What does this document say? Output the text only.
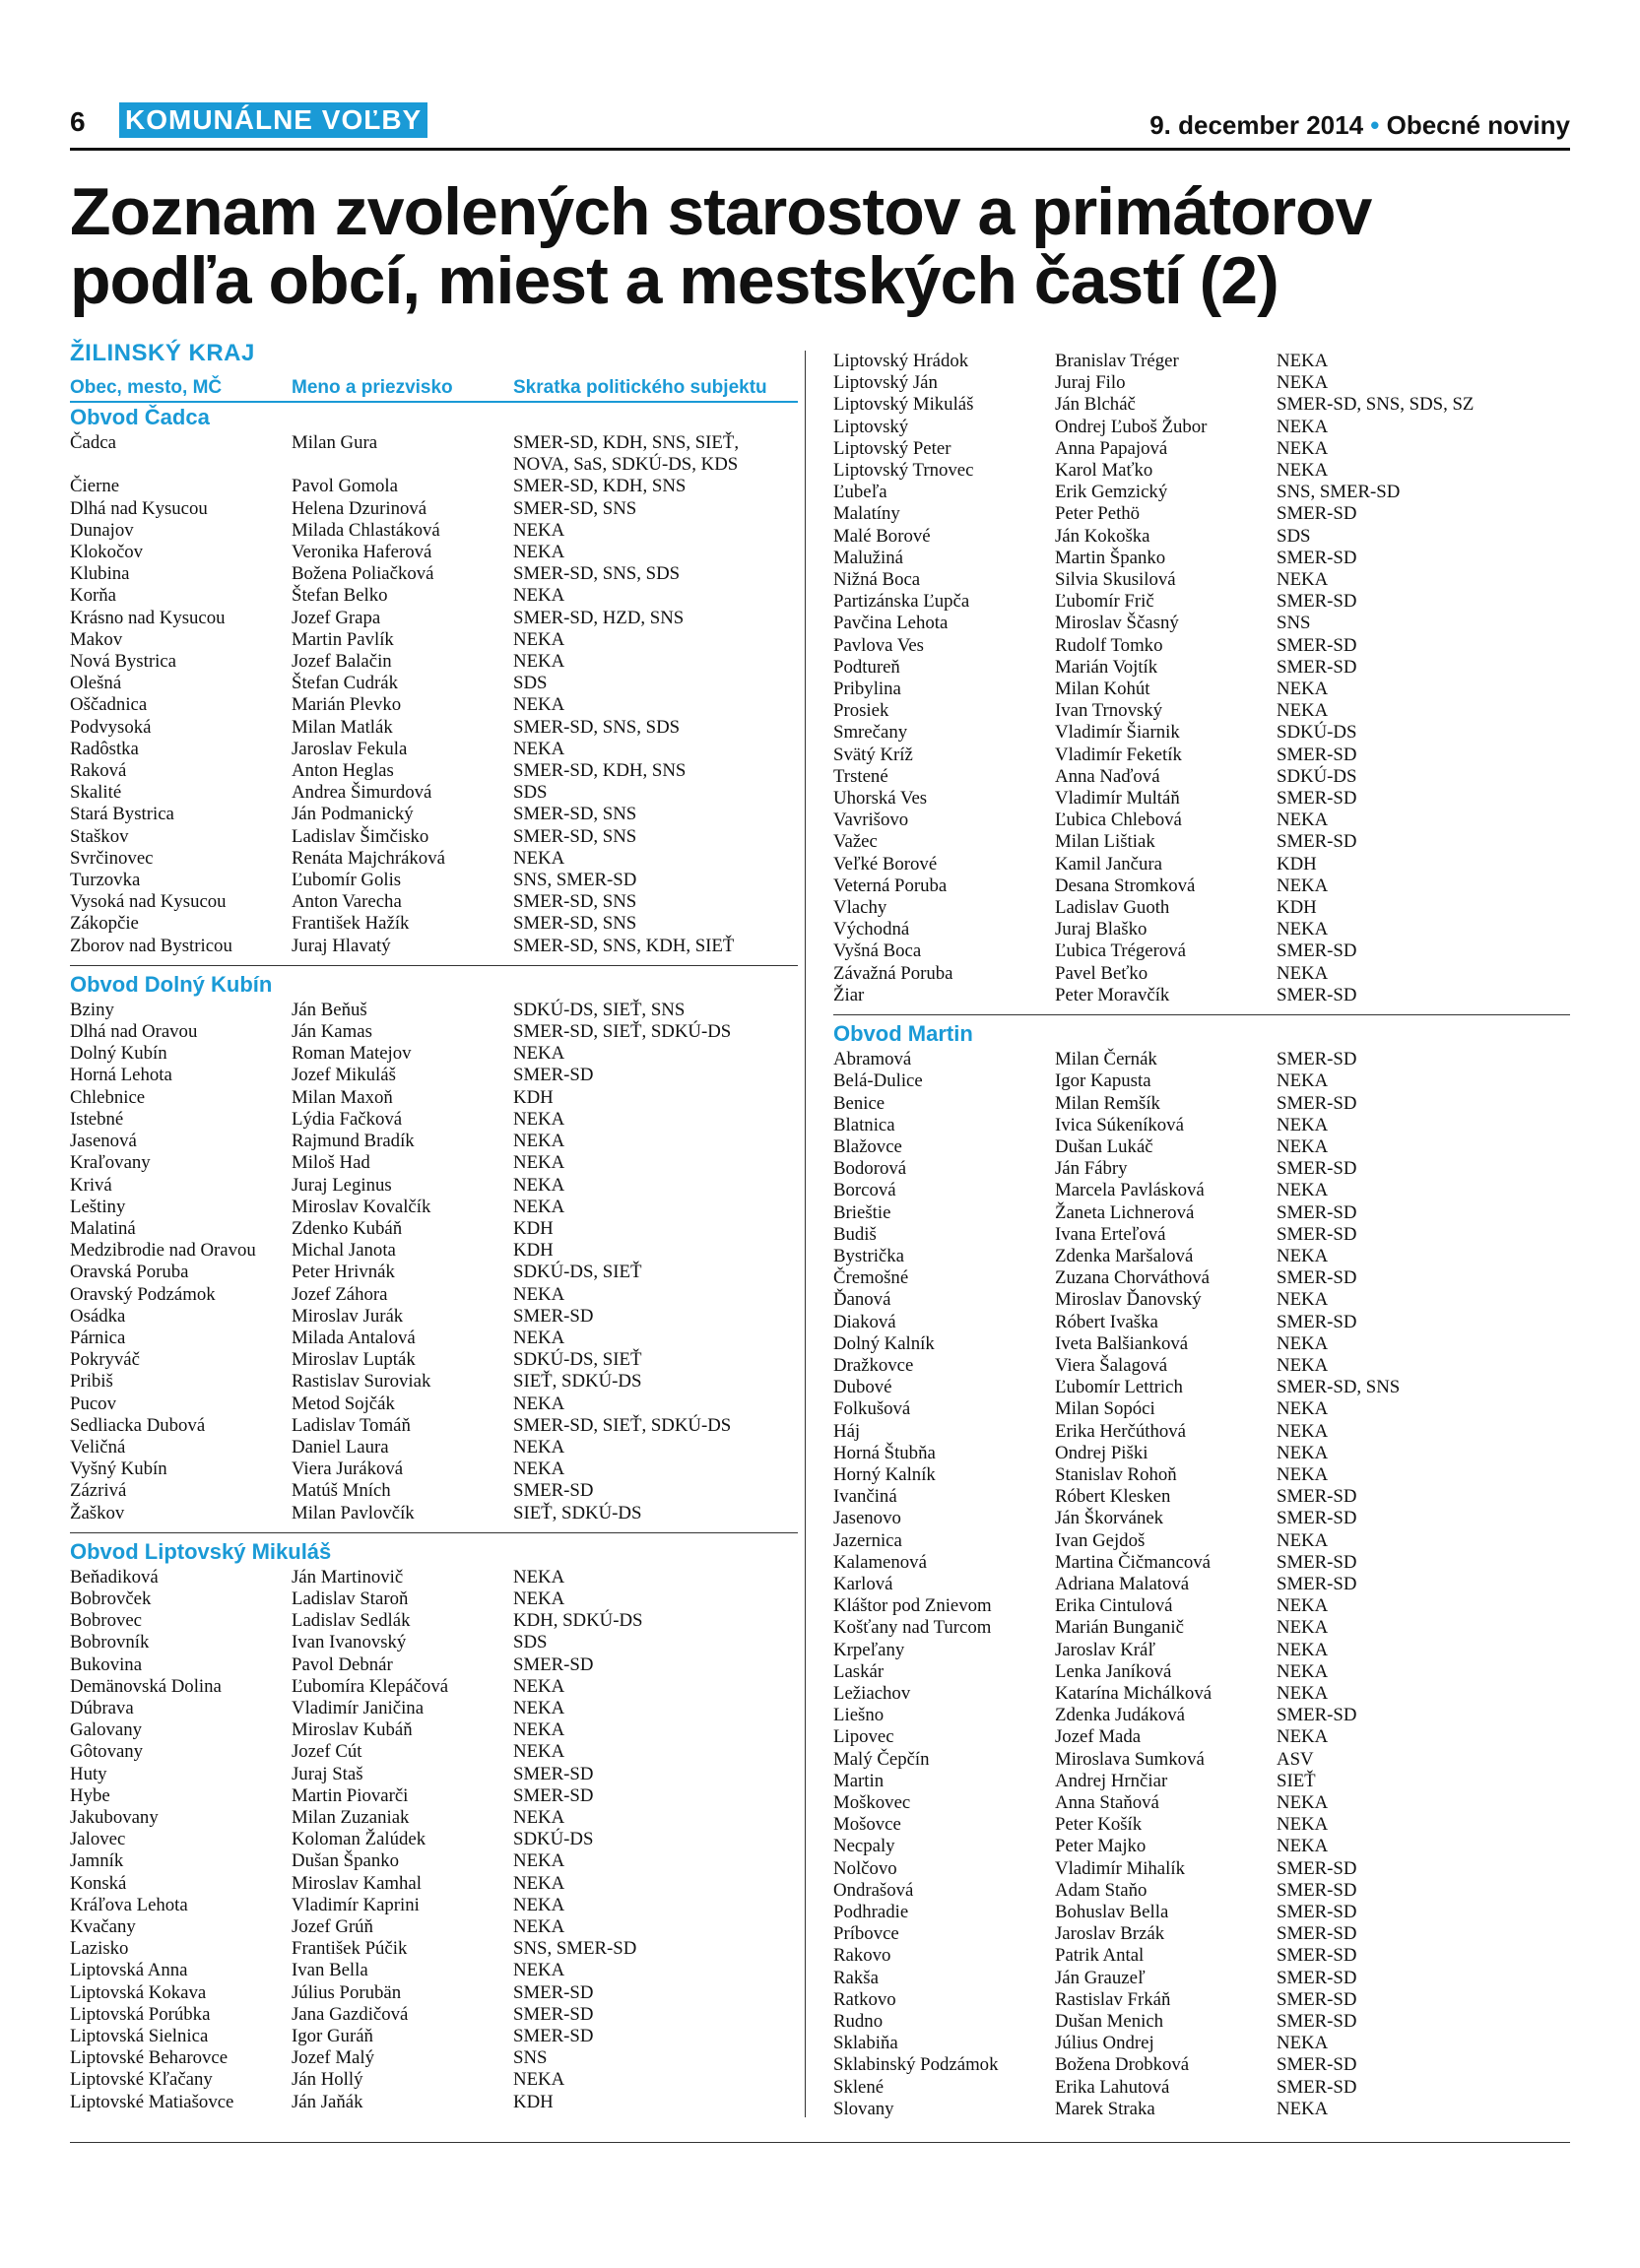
6 KOMUNÁLNE VOĽBY	9. december 2014 • Obecné noviny
Zoznam zvolených starostov a primátorov
podľa obcí, miest a mestských častí (2)
ŽILINSKÝ KRAJ
Obec, mesto, MČ	Meno a priezvisko	Skratka politického subjektu
Obvod Čadca
Čadca	Milan Gura	SMER-SD, KDH, SNS, SIEŤ,
NOVA, SaS, SDKÚ-DS, KDS
Čierne	Pavol Gomola	SMER-SD, KDH, SNS
Dlhá nad Kysucou	Helena Dzurinová	SMER-SD, SNS
Dunajov	Milada Chlastáková	NEKA
Klokočov	Veronika Haferová	NEKA
Klubina	Božena Poliačková	SMER-SD, SNS, SDS
Korňa	Štefan Belko	NEKA
Krásno nad Kysucou	Jozef Grapa	SMER-SD, HZD, SNS
Makov	Martin Pavlík	NEKA
Nová Bystrica	Jozef Balačin	NEKA
Olešná	Štefan Cudrák	SDS
Oščadnica	Marián Plevko	NEKA
Podvysoká	Milan Matlák	SMER-SD, SNS, SDS
Radôstka	Jaroslav Fekula	NEKA
Raková	Anton Heglas	SMER-SD, KDH, SNS
Skalité	Andrea Šimurdová	SDS
Stará Bystrica	Ján Podmanický	SMER-SD, SNS
Staškov	Ladislav Šimčisko	SMER-SD, SNS
Svrčinovec	Renáta Majchráková	NEKA
Turzovka	Ľubomír Golis	SNS, SMER-SD
Vysoká nad Kysucou	Anton Varecha	SMER-SD, SNS
Zákopčie	František Hažík	SMER-SD, SNS
Zborov nad Bystricou	Juraj Hlavatý	SMER-SD, SNS, KDH, SIEŤ
Obvod Dolný Kubín
Bziny	Ján Beňuš	SDKÚ-DS, SIEŤ, SNS
Dlhá nad Oravou	Ján Kamas	SMER-SD, SIEŤ, SDKÚ-DS
Dolný Kubín	Roman Matejov	NEKA
Horná Lehota	Jozef Mikuláš	SMER-SD
Chlebnice	Milan Maxoň	KDH
Istebné	Lýdia Fačková	NEKA
Jasenová	Rajmund Bradík	NEKA
Kraľovany	Miloš Had	NEKA
Krivá	Juraj Leginus	NEKA
Leštiny	Miroslav Kovalčík	NEKA
Malatiná	Zdenko Kubáň	KDH
Medzibrodie nad Oravou	Michal Janota	KDH
Oravská Poruba	Peter Hrivnák	SDKÚ-DS, SIEŤ
Oravský Podzámok	Jozef Záhora	NEKA
Osádka	Miroslav Jurák	SMER-SD
Párnica	Milada Antalová	NEKA
Pokryváč	Miroslav Lupták	SDKÚ-DS, SIEŤ
Pribiš	Rastislav Suroviak	SIEŤ, SDKÚ-DS
Pucov	Metod Sojčák	NEKA
Sedliacka Dubová	Ladislav Tomáň	SMER-SD, SIEŤ, SDKÚ-DS
Veličná	Daniel Laura	NEKA
Vyšný Kubín	Viera Juráková	NEKA
Zázrivá	Matúš Mních	SMER-SD
Žaškov	Milan Pavlovčík	SIEŤ, SDKÚ-DS
Obvod Liptovský Mikuláš
Beňadiková	Ján Martinovič	NEKA
Bobrovček	Ladislav Staroň	NEKA
Bobrovec	Ladislav Sedlák	KDH, SDKÚ-DS
Bobrovník	Ivan Ivanovský	SDS
Bukovina	Pavol Debnár	SMER-SD
Demänovská Dolina	Ľubomíra Klepáčová	NEKA
Dúbrava	Vladimír Janičina	NEKA
Galovany	Miroslav Kubáň	NEKA
Gôtovany	Jozef Cút	NEKA
Huty	Juraj Staš	SMER-SD
Hybe	Martin Piovarči	SMER-SD
Jakubovany	Milan Zuzaniak	NEKA
Jalovec	Koloman Žalúdek	SDKÚ-DS
Jamník	Dušan Španko	NEKA
Konská	Miroslav Kamhal	NEKA
Kráľova Lehota	Vladimír Kaprini	NEKA
Kvačany	Jozef Grúň	NEKA
Lazisko	František Púčik	SNS, SMER-SD
Liptovská Anna	Ivan Bella	NEKA
Liptovská Kokava	Július Porubän	SMER-SD
Liptovská Porúbka	Jana Gazdičová	SMER-SD
Liptovská Sielnica	Igor Guráň	SMER-SD
Liptovské Beharovce	Jozef Malý	SNS
Liptovské Kľačany	Ján Hollý	NEKA
Liptovské Matiašovce	Ján Jaňák	KDH
Liptovský Hrádok	Branislav Tréger	NEKA
Liptovský Ján	Juraj Filo	NEKA
Liptovský Mikuláš	Ján Blcháč	SMER-SD, SNS, SDS, SZ
Liptovský	Ondrej Ľuboš Žubor	NEKA
Liptovský Peter	Anna Papajová	NEKA
Liptovský Trnovec	Karol Maťko	NEKA
Ľubeľa	Erik Gemzický	SNS, SMER-SD
Malatíny	Peter Pethö	SMER-SD
Malé Borové	Ján Kokoška	SDS
Malužiná	Martin Španko	SMER-SD
Nižná Boca	Silvia Skusilová	NEKA
Partizánska Ľupča	Ľubomír Frič	SMER-SD
Pavčina Lehota	Miroslav Ščasný	SNS
Pavlova Ves	Rudolf Tomko	SMER-SD
Podtureň	Marián Vojtík	SMER-SD
Pribylina	Milan Kohút	NEKA
Prosiek	Ivan Trnovský	NEKA
Smrečany	Vladimír Šiarnik	SDKÚ-DS
Svätý Kríž	Vladimír Feketík	SMER-SD
Trstené	Anna Naďová	SDKÚ-DS
Uhorská Ves	Vladimír Multáň	SMER-SD
Vavrišovo	Ľubica Chlebová	NEKA
Važec	Milan Lištiak	SMER-SD
Veľké Borové	Kamil Jančura	KDH
Veterná Poruba	Desana Stromková	NEKA
Vlachy	Ladislav Guoth	KDH
Východná	Juraj Blaško	NEKA
Vyšná Boca	Ľubica Trégerová	SMER-SD
Závažná Poruba	Pavel Beťko	NEKA
Žiar	Peter Moravčík	SMER-SD
Obvod Martin
Abramová	Milan Černák	SMER-SD
Belá-Dulice	Igor Kapusta	NEKA
Benice	Milan Remšík	SMER-SD
Blatnica	Ivica Súkeníková	NEKA
Blažovce	Dušan Lukáč	NEKA
Bodorová	Ján Fábry	SMER-SD
Borcová	Marcela Pavlásková	NEKA
Brieštie	Žaneta Lichnerová	SMER-SD
Budiš	Ivana Erteľová	SMER-SD
Bystrička	Zdenka Maršalová	NEKA
Čremošné	Zuzana Chorváthová	SMER-SD
Ďanová	Miroslav Ďanovský	NEKA
Diaková	Róbert Ivaška	SMER-SD
Dolný Kalník	Iveta Balšianková	NEKA
Dražkovce	Viera Šalagová	NEKA
Dubové	Ľubomír Lettrich	SMER-SD, SNS
Folkušová	Milan Sopóci	NEKA
Háj	Erika Herčúthová	NEKA
Horná Štubňa	Ondrej Piški	NEKA
Horný Kalník	Stanislav Rohoň	NEKA
Ivančiná	Róbert Klesken	SMER-SD
Jasenovo	Ján Škorvánek	SMER-SD
Jazernica	Ivan Gejdoš	NEKA
Kalamenová	Martina Čičmancová	SMER-SD
Karlová	Adriana Malatová	SMER-SD
Kláštor pod Znievom	Erika Cintulová	NEKA
Košťany nad Turcom	Marián Bunganič	NEKA
Krpeľany	Jaroslav Kráľ	NEKA
Laskár	Lenka Janíková	NEKA
Ležiachov	Katarína Michálková	NEKA
Liešno	Zdenka Judáková	SMER-SD
Lipovec	Jozef Mada	NEKA
Malý Čepčín	Miroslava Sumková	ASV
Martin	Andrej Hrnčiar	SIEŤ
Moškovec	Anna Staňová	NEKA
Mošovce	Peter Košík	NEKA
Necpaly	Peter Majko	NEKA
Nolčovo	Vladimír Mihalík	SMER-SD
Ondrašová	Adam Staňo	SMER-SD
Podhradie	Bohuslav Bella	SMER-SD
Príbovce	Jaroslav Brzák	SMER-SD
Rakovo	Patrik Antal	SMER-SD
Rakša	Ján Grauzeľ	SMER-SD
Ratkovo	Rastislav Frkáň	SMER-SD
Rudno	Dušan Menich	SMER-SD
Sklabiňa	Július Ondrej	NEKA
Sklabinský Podzámok	Božena Drobková	SMER-SD
Sklené	Erika Lahutová	SMER-SD
Slovany	Marek Straka	NEKA
